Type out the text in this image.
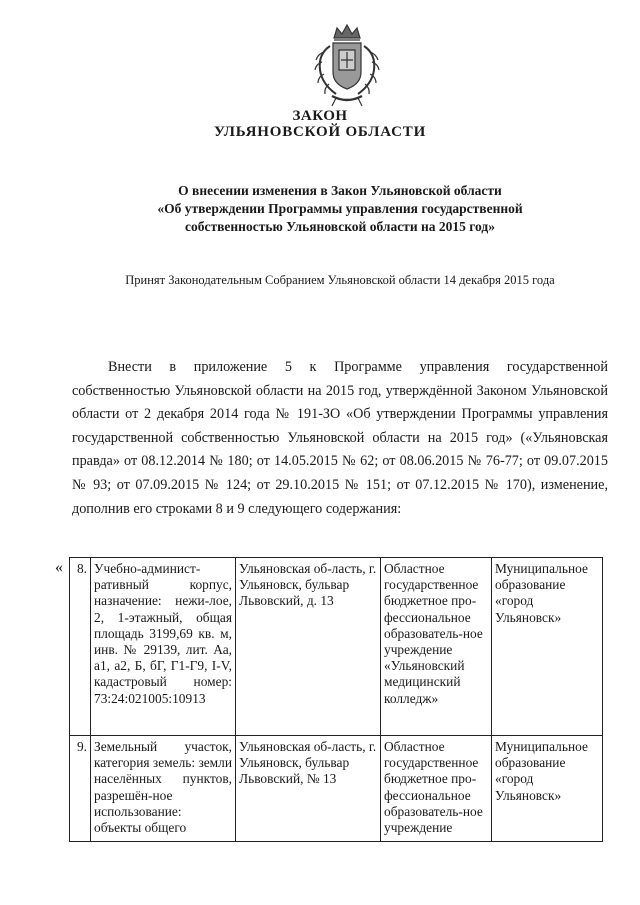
ЗАКОН
УЛЬЯНОВСКОЙ ОБЛАСТИ
О внесении изменения в Закон Ульяновской области
«Об утверждении Программы управления государственной
собственностью Ульяновской области на 2015 год»
Принят Законодательным Собранием Ульяновской области 14 декабря 2015 года
Внести в приложение 5 к Программе управления государственной собственностью Ульяновской области на 2015 год, утверждённой Законом Ульяновской области от 2 декабря 2014 года № 191-ЗО «Об утверждении Программы управления государственной собственностью Ульяновской области на 2015 год» («Ульяновская правда» от 08.12.2014 № 180; от 14.05.2015 № 62; от 08.06.2015 № 76-77; от 09.07.2015 № 93; от 07.09.2015 № 124; от 29.10.2015 № 151; от 07.12.2015 № 170), изменение, дополнив его строками 8 и 9 следующего содержания:
« 8.	Учебно-админист-ративный корпус, назначение: нежи-лое, 2, 1-этажный, общая площадь 3199,69 кв. м, инв. № 29139, лит. Аа, а1, а2, Б, бГ, Г1-Г9, I-V, кадастровый номер: 73:24:021005:10913	Ульяновская об-ласть, г. Ульяновск, бульвар Львовский, д. 13	Областное государственное бюджетное про-фессиональное образователь-ное учреждение «Ульяновский медицинский колледж»	Муниципальное образование «город Ульяновск»

9.	Земельный участок, категория земель: земли населённых пунктов, разрешён-ное использование: объекты общего	Ульяновская об-ласть, г. Ульяновск, бульвар Львовский, № 13	Областное государственное бюджетное про-фессиональное образователь-ное учреждение	Муниципальное образование «город Ульяновск»
